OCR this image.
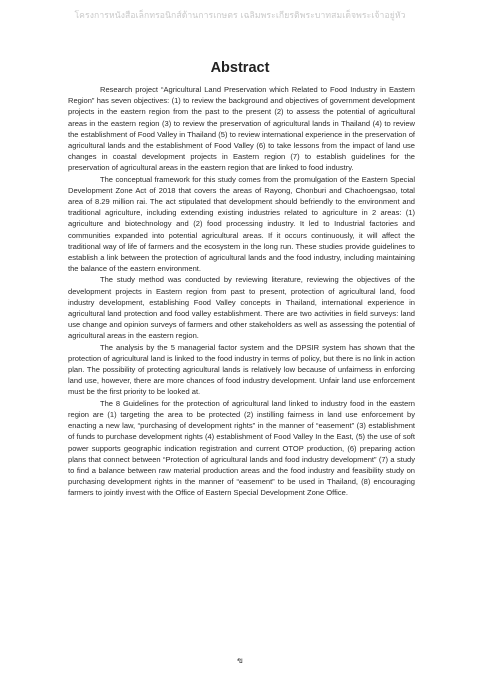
โครงการหนังสือเล็กทรอนิกส์ด้านการเกษตร เฉลิมพระเกียรติพระบาทสมเด็จพระเจ้าอยู่หัว
Abstract

Research project “Agricultural Land Preservation which Related to Food Industry in Eastern Region” has seven objectives: (1) to review the background and objectives of government development projects in the eastern region from the past to the present (2) to assess the potential of agricultural areas in the eastern region (3) to review the preservation of agricultural lands in Thailand (4) to review the establishment of Food Valley in Thailand (5) to review international experience in the preservation of agricultural lands and the establishment of Food Valley (6) to take lessons from the impact of land use changes in coastal development projects in Eastern region (7) to establish guidelines for the preservation of agricultural areas in the eastern region that are linked to food industry.

The conceptual framework for this study comes from the promulgation of the Eastern Special Development Zone Act of 2018 that covers the areas of Rayong, Chonburi and Chachoengsao, total area of 8.29 million rai. The act stipulated that development should befriendly to the environment and traditional agriculture, including extending existing industries related to agriculture in 2 areas: (1) agriculture and biotechnology and (2) food processing industry. It led to Industrial factories and communities expanded into potential agricultural areas. If it occurs continuously, it will affect the traditional way of life of farmers and the ecosystem in the long run. These studies provide guidelines to establish a link between the protection of agricultural lands and the food industry, including maintaining the balance of the eastern environment.

The study method was conducted by reviewing literature, reviewing the objectives of the development projects in Eastern region from past to present, protection of agricultural land, food industry development, establishing Food Valley concepts in Thailand, international experience in agricultural land protection and food valley establishment. There are two activities in field surveys: land use change and opinion surveys of farmers and other stakeholders as well as assessing the potential of agricultural areas in the eastern region.

The analysis by the 5 managerial factor system and the DPSIR system has shown that the protection of agricultural land is linked to the food industry in terms of policy, but there is no link in action plan. The possibility of protecting agricultural lands is relatively low because of unfairness in enforcing land use, however, there are more chances of food industry development. Unfair land use enforcement must be the first priority to be looked at.

The 8 Guidelines for the protection of agricultural land linked to industry food in the eastern region are (1) targeting the area to be protected (2) instilling fairness in land use enforcement by enacting a new law, “purchasing of development rights” in the manner of “easement” (3) establishment of funds to purchase development rights (4) establishment of Food Valley In the East, (5) the use of soft power supports geographic indication registration and current OTOP production, (6) preparing action plans that connect between “Protection of agricultural lands and food industry development” (7) a study to find a balance between raw material production areas and the food industry and feasibility study on purchasing development rights in the manner of “easement” to be used in Thailand, (8) encouraging farmers to jointly invest with the Office of Eastern Special Development Zone Office.

ฃ
